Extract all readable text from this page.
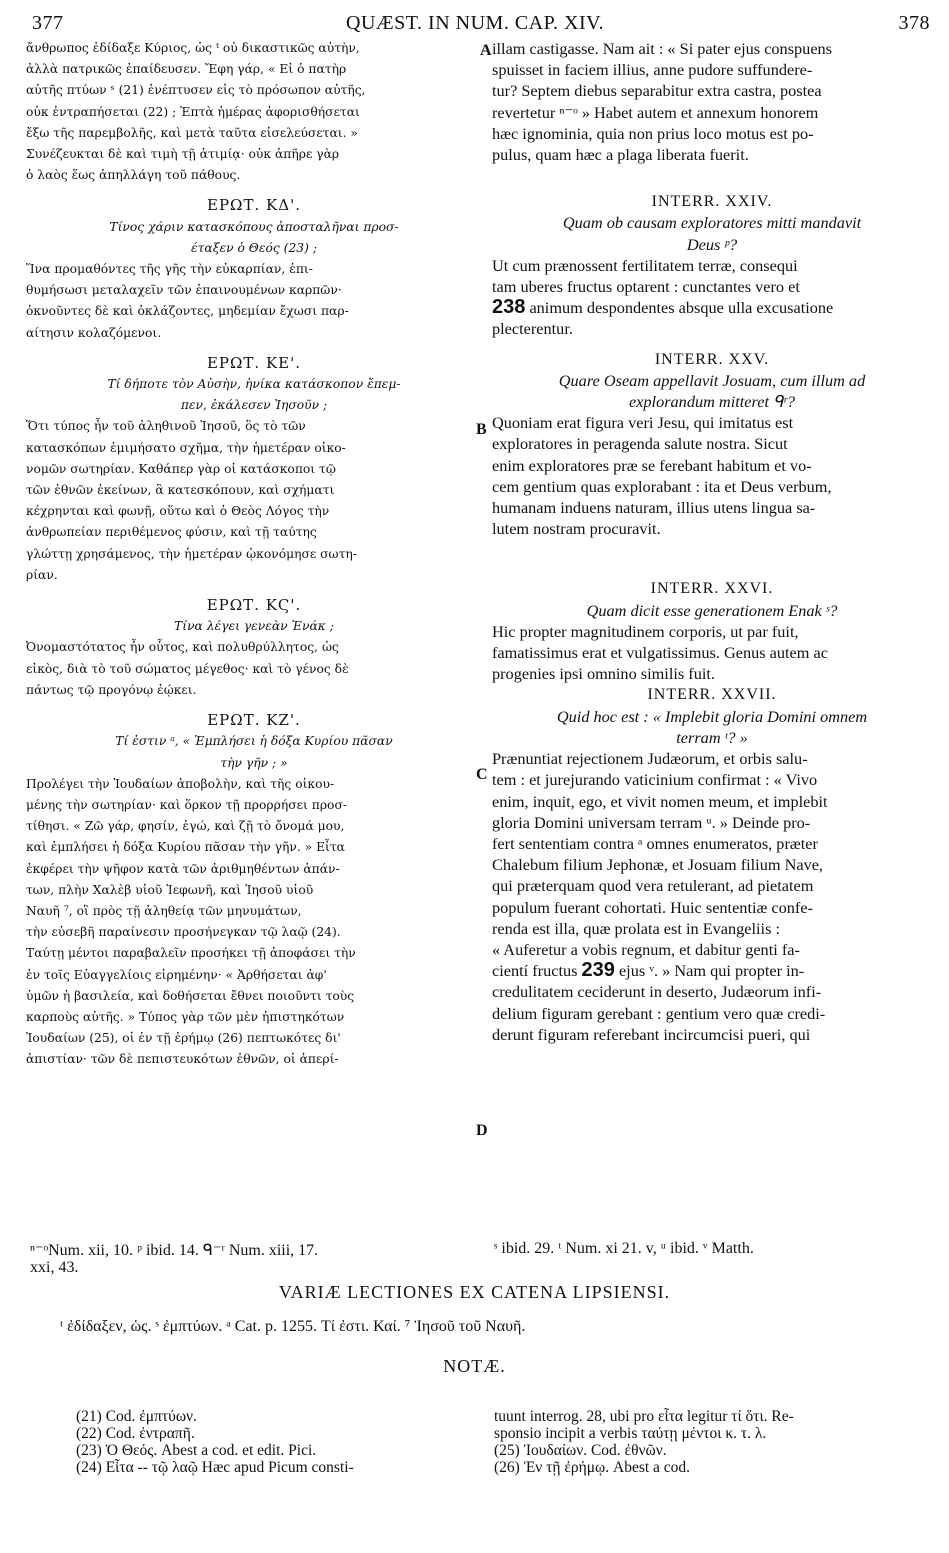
377	QUÆST. IN NUM. CAP. XIV.	378
ἄνθρωπος ἐδίδαξε Κύριος, ὡς ᵗ οὐ δικαστικῶς αὐτὴν,
ἀλλὰ πατρικῶς ἐπαίδευσεν. Ἔφη γάρ, « Εἰ ὁ πατὴρ
αὐτῆς πτύων ˢ (21) ἐνέπτυσεν εἰς τὸ πρόσωπον αὐτῆς,
οὐκ ἐντραπήσεται (22) ; Ἑπτὰ ἡμέρας ἀφορισθήσεται
ἔξω τῆς παρεμβολῆς, καὶ μετὰ ταῦτα εἰσελεύσεται. »
Συνέζευκται δὲ καὶ τιμὴ τῇ ἀτιμίᾳ· οὐκ ἀπῆρε γὰρ
ὁ λαὸς ἕως ἀπηλλάγη τοῦ πάθους.
ΕΡΩΤ. ΚΔ'.
Τίνος χάριν κατασκόπους ἀποσταλῆναι προσ-
έταξεν ὁ Θεός (23) ;
Ἵνα προμαθόντες τῆς γῆς τὴν εὐκαρπίαν, ἐπι-
θυμήσωσι μεταλαχεῖν τῶν ἐπαινουμένων καρπῶν·
ὀκνοῦντες δὲ καὶ ὀκλάζοντες, μηδεμίαν ἔχωσι παρ-
αίτησιν κολαζόμενοι.
ΕΡΩΤ. ΚΕ'.
Τί δήποτε τὸν Αὐσὴν, ἡνίκα κατάσκοπον ἔπεμ-
πεν, ἐκάλεσεν Ἰησοῦν ;
Ὅτι τύπος ἦν τοῦ ἀληθινοῦ Ἰησοῦ, ὃς τὸ τῶν
κατασκόπων ἐμιμήσατο σχῆμα, τὴν ἡμετέραν οἰκο-
νομῶν σωτηρίαν. Καθάπερ γὰρ οἱ κατάσκοποι τῷ
τῶν ἐθνῶν ἐκείνων, ἃ κατεσκόπουν, καὶ σχήματι
κέχρηνται καὶ φωνῇ, οὕτω καὶ ὁ Θεὸς Λόγος τὴν
ἀνθρωπείαν περιθέμενος φύσιν, καὶ τῇ ταύτης
γλώττῃ χρησάμενος, τὴν ἡμετέραν ᾠκονόμησε σωτη-
ρίαν.
ΕΡΩΤ. ΚϚ'.
Τίνα λέγει γενεὰν Ἐνάκ ;
Ὀνομαστότατος ἦν οὗτος, καὶ πολυθρύλλητος, ὡς
εἰκὸς, διὰ τὸ τοῦ σώματος μέγεθος· καὶ τὸ γένος δὲ
πάντως τῷ προγόνῳ ἐῴκει.
ΕΡΩΤ. ΚΖ'.
Τί ἐστιν ᵃ, « Ἐμπλήσει ἡ δόξα Κυρίου πᾶσαν
τὴν γῆν ; »
Προλέγει τὴν Ἰουδαίων ἀποβολὴν, καὶ τῆς οἰκου-
μένης τὴν σωτηρίαν· καὶ ὅρκον τῇ προρρήσει προσ-
τίθησι. « Ζῶ γάρ, φησίν, ἐγώ, καὶ ζῇ τὸ ὄνομά μου,
καὶ ἐμπλήσει ἡ δόξα Κυρίου πᾶσαν τὴν γῆν. » Εἶτα
ἐκφέρει τὴν ψῆφον κατὰ τῶν ἀριθμηθέντων ἁπάν-
των, πλὴν Χαλὲβ υἱοῦ Ἰεφωνῆ, καὶ Ἰησοῦ υἱοῦ
Ναυῆ ⁷, οἳ πρὸς τῇ ἀληθείᾳ τῶν μηνυμάτων,
τὴν εὐσεβῆ παραίνεσιν προσήνεγκαν τῷ λαῷ (24).
Ταύτῃ μέντοι παραβαλεῖν προσήκει τῇ ἀποφάσει τὴν
ἐν τοῖς Εὐαγγελίοις εἰρημένην· « Ἀρθήσεται ἀφ'
ὑμῶν ἡ βασιλεία, καὶ δοθήσεται ἔθνει ποιοῦντι τοὺς
καρποὺς αὐτῆς. » Τύπος γὰρ τῶν μὲν ἠπιστηκότων
Ἰουδαίων (25), οἱ ἐν τῇ ἐρήμῳ (26) πεπτωκότες δι'
ἀπιστίαν· τῶν δὲ πεπιστευκότων ἐθνῶν, οἱ ἀπερί-
A
B
C
D
illam castigasse. Nam ait : « Si pater ejus conspuens
spuisset in faciem illius, anne pudore suffundere-
tur? Septem diebus separabitur extra castra, postea
revertetur ⁿ⁻ᵒ » Habet autem et annexum honorem
hæc ignominia, quia non prius loco motus est po-
pulus, quam hæc a plaga liberata fuerit.
INTERR. XXIV.
Quam ob causam exploratores mitti mandavit
Deus ᵖ?
Ut cum prænossent fertilitatem terræ, consequi
tam uberes fructus optarent : cunctantes vero et
238 animum despondentes absque ulla excusatione
plecterentur.
INTERR. XXV.
Quare Oseam appellavit Josuam, cum illum ad
explorandum mitteret ᑫʳ?
Quoniam erat figura veri Jesu, qui imitatus est
exploratores in peragenda salute nostra. Sicut
enim exploratores præ se ferebant habitum et vo-
cem gentium quas explorabant : ita et Deus verbum,
humanam induens naturam, illius utens lingua sa-
lutem nostram procuravit.
INTERR. XXVI.
Quam dicit esse generationem Enak ˢ?
Hic propter magnitudinem corporis, ut par fuit,
famatissimus erat et vulgatissimus. Genus autem ac
progenies ipsi omnino similis fuit.
INTERR. XXVII.
Quid hoc est : « Implebit gloria Domini omnem
terram ᵗ? »
Prænuntiat rejectionem Judæorum, et orbis salu-
tem : et jurejurando vaticinium confirmat : « Vivo
enim, inquit, ego, et vivit nomen meum, et implebit
gloria Domini universam terram ᵘ. » Deinde pro-
fert sententiam contra ᵃ omnes enumeratos, præter
Chalebum filium Jephonæ, et Josuam filium Nave,
qui præterquam quod vera retulerant, ad pietatem
populum fuerant cohortati. Huic sententiæ confe-
renda est illa, quæ prolata est in Evangeliis :
« Auferetur a vobis regnum, et dabitur genti fa-
cientí fructus 239 ejus ᵛ. » Nam qui propter in-
credulitatem ceciderunt in deserto, Judæorum infi-
delium figuram gerebant : gentium vero quæ credi-
derunt figuram referebant incircumcisi pueri, qui
ⁿ⁻ᵒNum. xii, 10. ᵖ ibid. 14. ᑫ⁻ʳ Num. xiii, 17.
xxi, 43.
ˢ ibid. 29. ᵗ Num. xi 21. v, ᵘ ibid. ᵛ Matth.
VARIÆ LECTIONES EX CATENA LIPSIENSI.
ᵗ ἐδίδαξεν, ὡς. ˢ ἐμπτύων. ᵃ Cat. p. 1255. Τί ἐστι. Καί. ⁷ Ἰησοῦ τοῦ Ναυῆ.
NOTÆ.
(21) Cod. ἐμπτύων.
(22) Cod. ἐντραπῆ.
(23) Ὁ Θεός. Abest a cod. et edit. Pici.
(24) Εἶτα -- τῷ λαῷ Hæc apud Picum consti-
tuunt interrog. 28, ubi pro εἶτα legitur τί ὅτι. Re-
sponsio incipit a verbis ταύτῃ μέντοι κ. τ. λ.
(25) Ἰουδαίων. Cod. ἐθνῶν.
(26) Ἐν τῇ ἐρήμῳ. Abest a cod.
